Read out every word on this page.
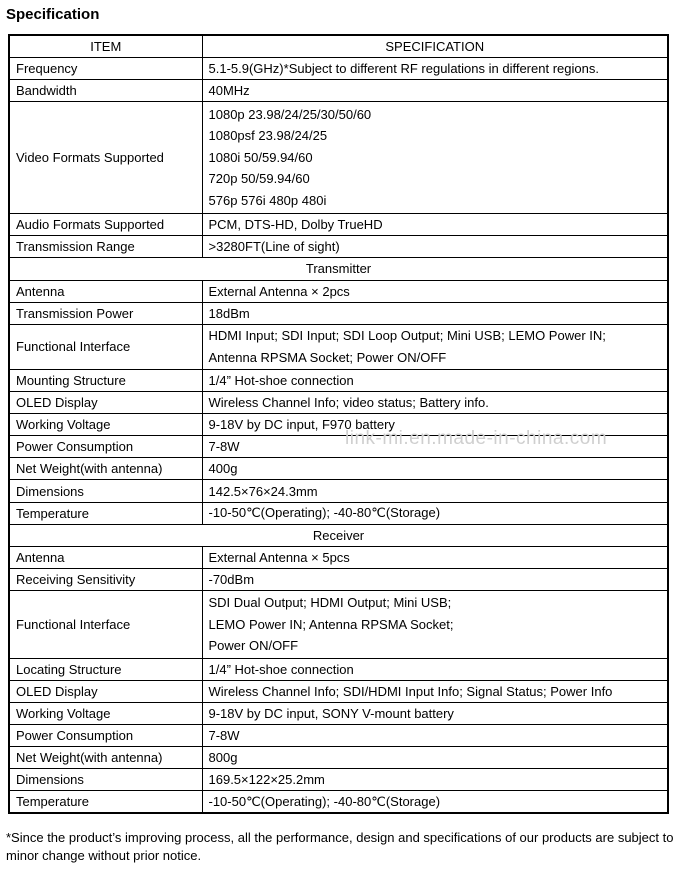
Specification
ITEM	SPECIFICATION
Frequency	5.1-5.9(GHz)*Subject to different RF regulations in different regions.

Bandwidth	40MHz

Video Formats Supported	1080p 23.98/24/25/30/50/60
1080psf 23.98/24/25
1080i 50/59.94/60
720p 50/59.94/60
576p 576i 480p 480i

Audio Formats Supported	PCM, DTS-HD, Dolby TrueHD

Transmission Range	>3280FT(Line of sight)

Transmitter	
Antenna	External Antenna × 2pcs

Transmission Power	18dBm

Functional Interface	HDMI Input; SDI Input; SDI Loop Output; Mini USB; LEMO Power IN;
Antenna RPSMA Socket; Power ON/OFF

Mounting Structure	1/4” Hot-shoe connection

OLED Display	Wireless Channel Info; video status; Battery info.

Working Voltage	9-18V by DC input, F970 battery

Power Consumption	7-8W

Net Weight(with antenna)	400g

Dimensions	142.5×76×24.3mm

Temperature	-10-50℃(Operating); -40-80℃(Storage)

Receiver	
Antenna	External Antenna × 5pcs

Receiving Sensitivity	-70dBm

Functional Interface	SDI Dual Output; HDMI Output; Mini USB;
LEMO Power IN; Antenna RPSMA Socket;
Power ON/OFF

Locating Structure	1/4” Hot-shoe connection

OLED Display	Wireless Channel Info; SDI/HDMI Input Info; Signal Status; Power Info

Working Voltage	9-18V by DC input, SONY V-mount battery

Power Consumption	7-8W

Net Weight(with antenna)	800g

Dimensions	169.5×122×25.2mm

Temperature	-10-50℃(Operating); -40-80℃(Storage)
link-mi.en.made-in-china.com
*Since the product’s improving process, all the performance, design and specifications of our products are subject to minor change without prior notice.
